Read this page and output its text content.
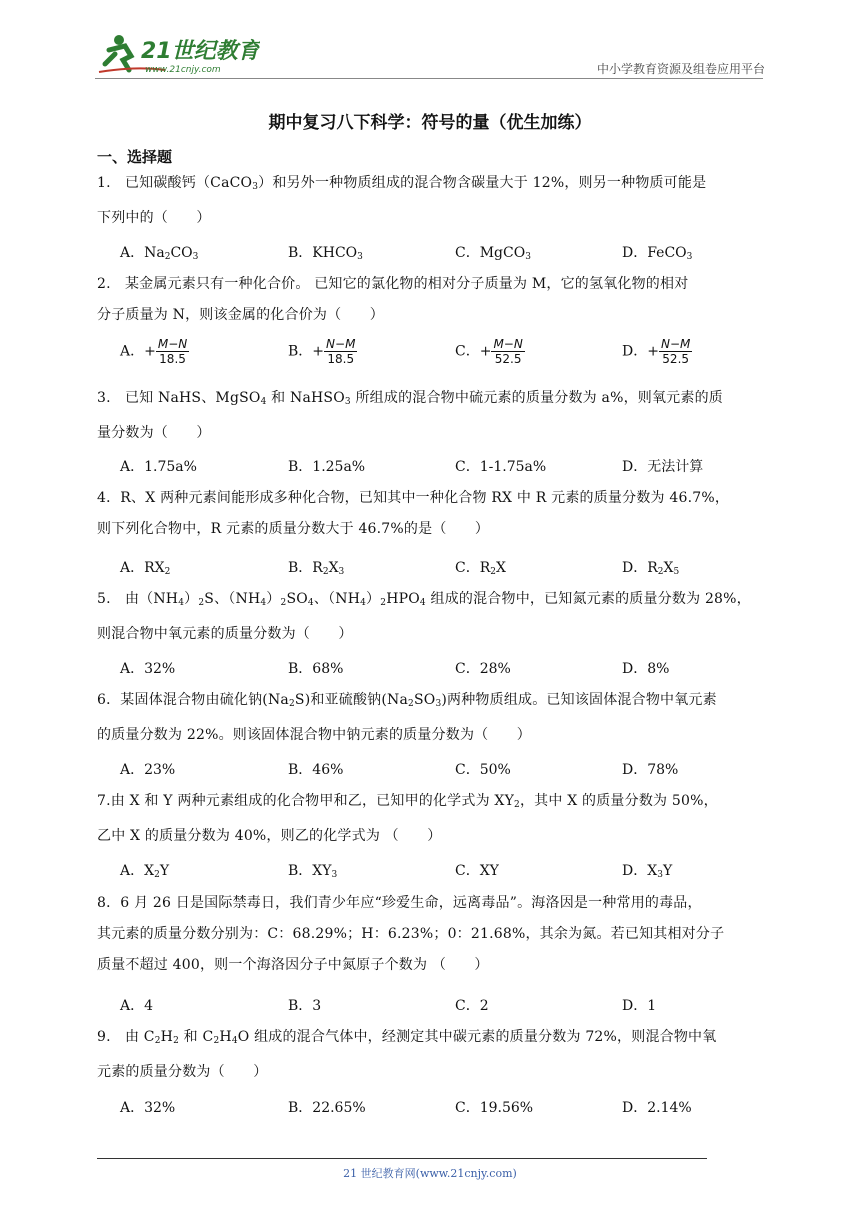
21世纪教育
www.21cnjy.com	中小学教育资源及组卷应用平台
期中复习八下科学：符号的量（优生加练）
一、选择题
1.　已知碳酸钙（CaCO$_3$）和另外一种物质组成的混合物含碳量大于 12%，则另一种物质可能是
下列中的（　　）
A．$Na_2CO_3$	B．$KHCO_3$	C．MgCO$_3$	D．FeCO$_3$
2.　某金属元素只有一种化合价。 已知它的氯化物的相对分子质量为 M，它的氢氧化物的相对
分子质量为 N，则该金属的化合价为（　　）
A．+ $\frac{M-N}{18.5}$	B．+ $\frac{N-M}{18.5}$	C．+ $\frac{M-N}{52.5}$	D．+ $\frac{N-M}{52.5}$
3.　已知 NaHS、MgSO$_4$ 和 NaHSO$_3$ 所组成的混合物中硫元素的质量分数为 a%，则氧元素的质
量分数为（　　）
A．1.75a%	B．1.25a%	C．1-1.75a%	D．无法计算
4．R、X 两种元素间能形成多种化合物，已知其中一种化合物 RX 中 R 元素的质量分数为 46.7%，
则下列化合物中，R 元素的质量分数大于 46.7%的是（　　）
A．$RX_2$	B．$R_2X_3$	C．$R_2X$	D．$R_2X_5$
5.　由$(NH_4)_2S$、$(NH_4)_2SO_4$、$(NH_4)_2HPO_4$ 组成的混合物中，已知氮元素的质量分数为 28%，
则混合物中氧元素的质量分数为（　　）
A．32%	B．68%	C．28%	D．8%
6．某固体混合物由硫化钠$(Na_2S)$和亚硫酸钠$(Na_2SO_3)$两种物质组成。已知该固体混合物中氧元素
的质量分数为 22%。则该固体混合物中钠元素的质量分数为（　　）
A．23%	B．46%	C．50%	D．78%
7.由 X 和 Y 两种元素组成的化合物甲和乙，已知甲的化学式为 $XY_2$，其中 X 的质量分数为 50%，
乙中 X 的质量分数为 40%，则乙的化学式为 （　　）
A．$X_2Y$	B．$XY_3$	C．XY	D．$X_3Y$
8．6 月 26 日是国际禁毒日，我们青少年应“珍爱生命，远离毒品”。海洛因是一种常用的毒品，
其元素的质量分数分别为：C：68.29%；H：6.23%；0：21.68%，其余为氮。若已知其相对分子
质量不超过 400，则一个海洛因分子中氮原子个数为 （　　）
A．4	B．3	C．2	D．1
9.　由 $C_2H_2$ 和 $C_2H_4O$ 组成的混合气体中，经测定其中碳元素的质量分数为 72%，则混合物中氧
元素的质量分数为（　　）
A．32%	B．22.65%	C．19.56%	D．2.14%
21 世纪教育网(www.21cnjy.com)
